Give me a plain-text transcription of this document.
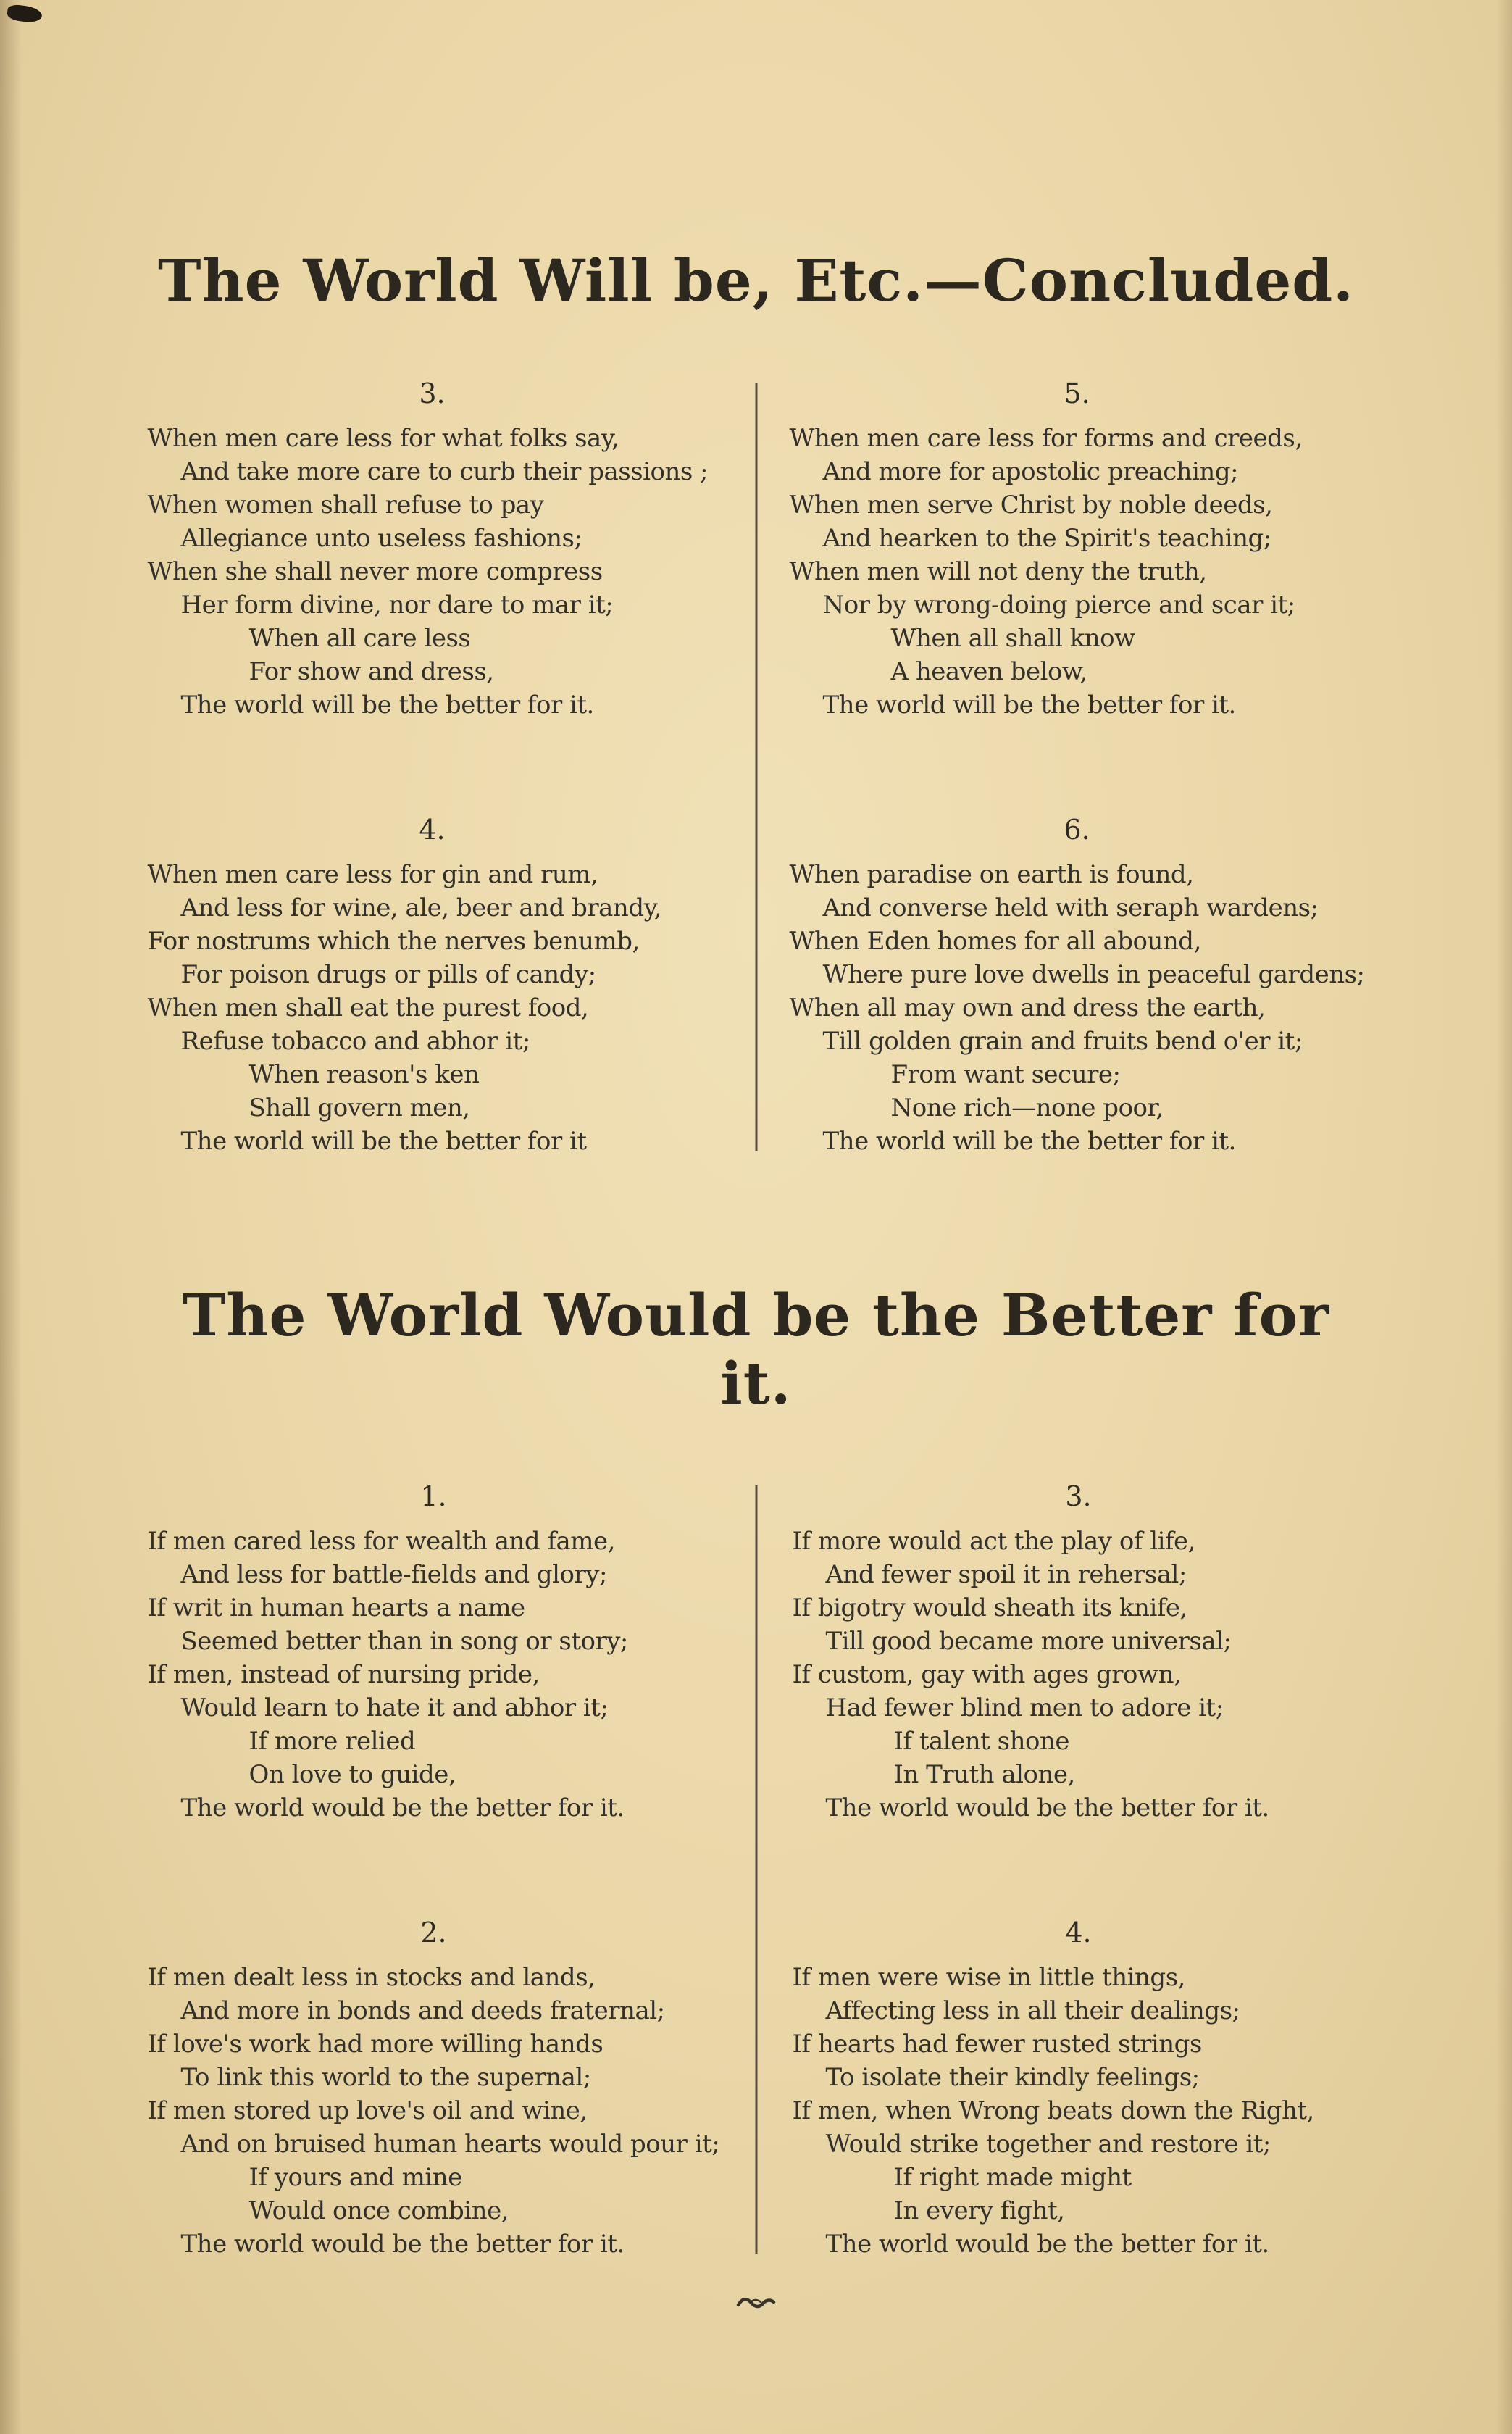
The World Will be, Etc.—Concluded.
3.
When men care less for what folks say,
And take more care to curb their passions ;
When women shall refuse to pay
Allegiance unto useless fashions;
When she shall never more compress
Her form divine, nor dare to mar it;
When all care less
For show and dress,
The world will be the better for it.
4.
When men care less for gin and rum,
And less for wine, ale, beer and brandy,
For nostrums which the nerves benumb,
For poison drugs or pills of candy;
When men shall eat the purest food,
Refuse tobacco and abhor it;
When reason's ken
Shall govern men,
The world will be the better for it
5.
When men care less for forms and creeds,
And more for apostolic preaching;
When men serve Christ by noble deeds,
And hearken to the Spirit's teaching;
When men will not deny the truth,
Nor by wrong-doing pierce and scar it;
When all shall know
A heaven below,
The world will be the better for it.
6.
When paradise on earth is found,
And converse held with seraph wardens;
When Eden homes for all abound,
Where pure love dwells in peaceful gardens;
When all may own and dress the earth,
Till golden grain and fruits bend o'er it;
From want secure;
None rich—none poor,
The world will be the better for it.
The World Would be the Better for it.
1.
If men cared less for wealth and fame,
And less for battle-fields and glory;
If writ in human hearts a name
Seemed better than in song or story;
If men, instead of nursing pride,
Would learn to hate it and abhor it;
If more relied
On love to guide,
The world would be the better for it.
2.
If men dealt less in stocks and lands,
And more in bonds and deeds fraternal;
If love's work had more willing hands
To link this world to the supernal;
If men stored up love's oil and wine,
And on bruised human hearts would pour it;
If yours and mine
Would once combine,
The world would be the better for it.
3.
If more would act the play of life,
And fewer spoil it in rehersal;
If bigotry would sheath its knife,
Till good became more universal;
If custom, gay with ages grown,
Had fewer blind men to adore it;
If talent shone
In Truth alone,
The world would be the better for it.
4.
If men were wise in little things,
Affecting less in all their dealings;
If hearts had fewer rusted strings
To isolate their kindly feelings;
If men, when Wrong beats down the Right,
Would strike together and restore it;
If right made might
In every fight,
The world would be the better for it.
